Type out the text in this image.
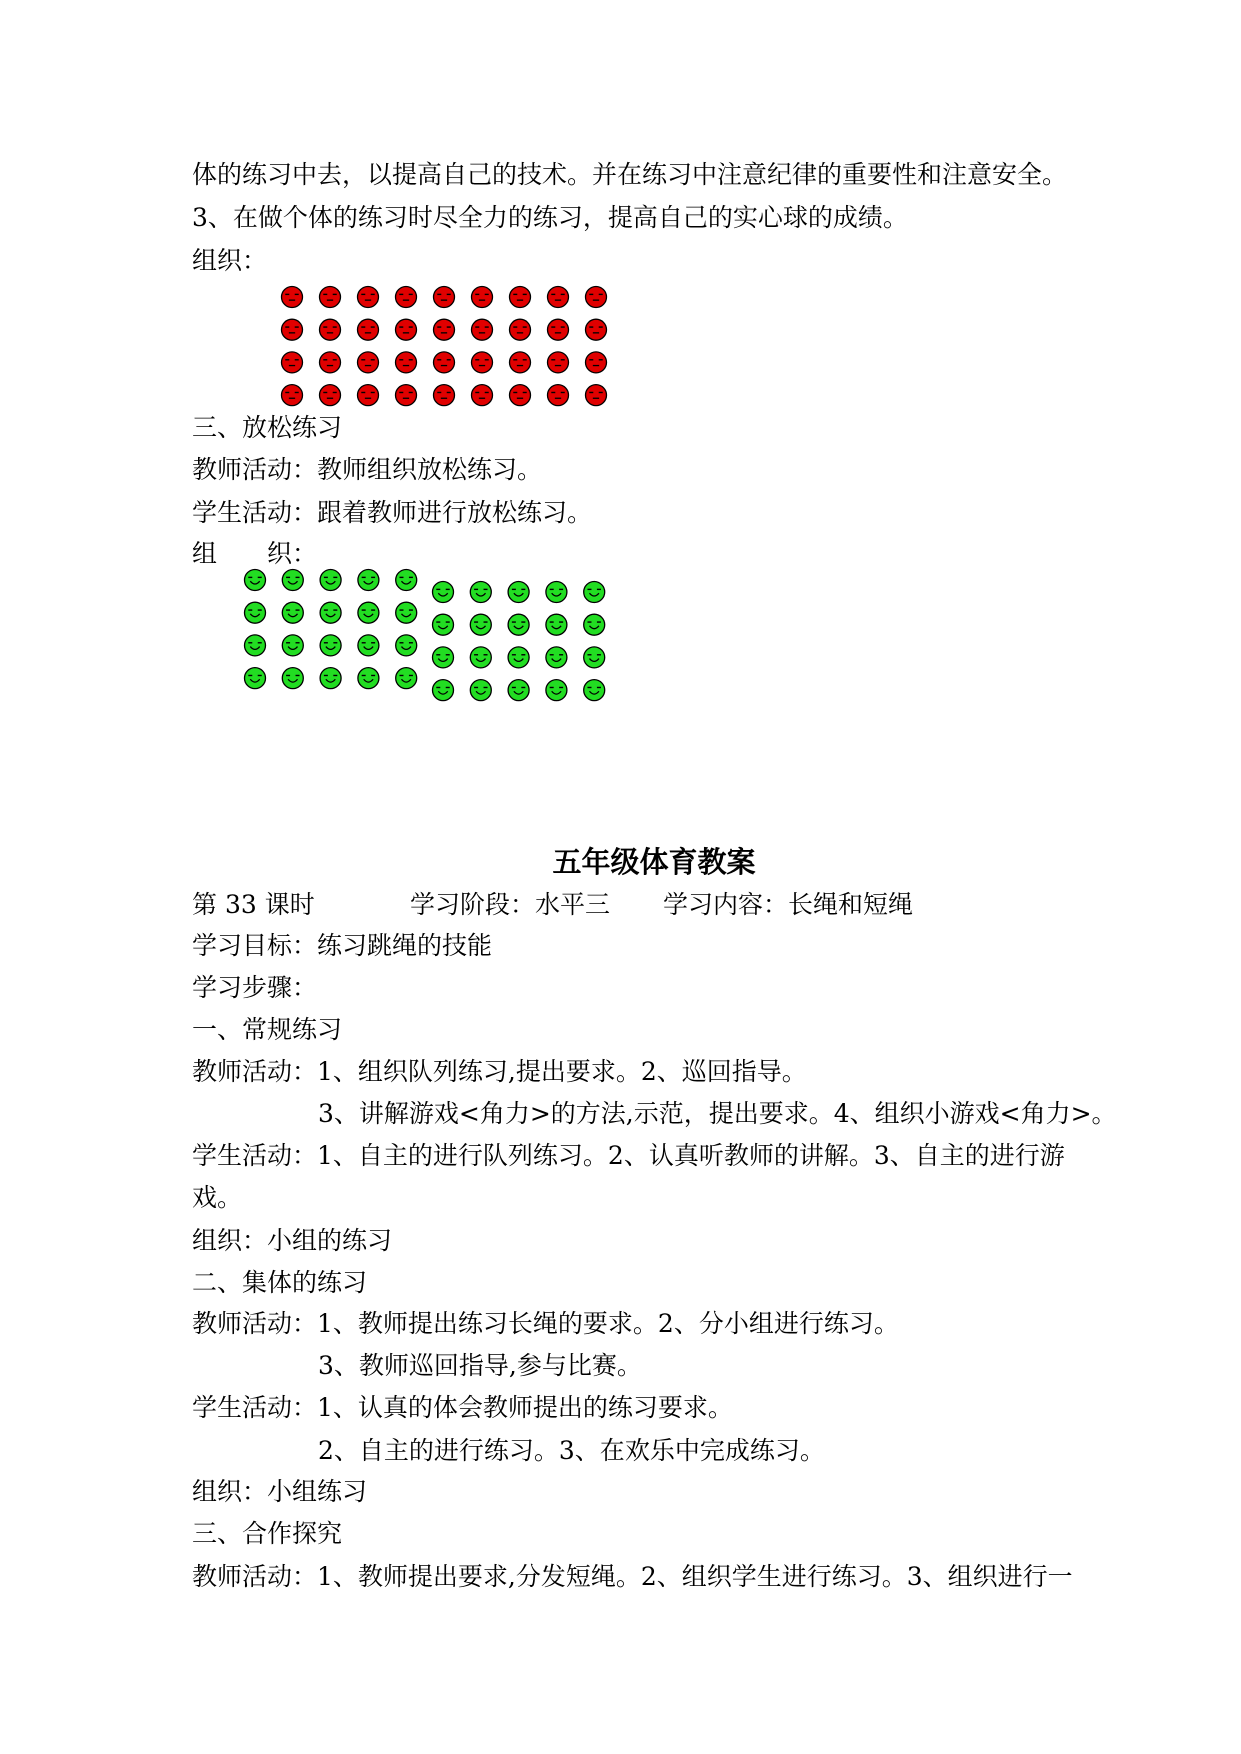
体的练习中去，以提高自己的技术。并在练习中注意纪律的重要性和注意安全。
3、在做个体的练习时尽全力的练习，提高自己的实心球的成绩。
组织：
三、放松练习
教师活动：教师组织放松练习。
学生活动：跟着教师进行放松练习。
组　　织：
五年级体育教案
第 33 课时	学习阶段：水平三 学习内容：长绳和短绳
学习目标：练习跳绳的技能
学习步骤：
一、常规练习
教师活动：1、组织队列练习,提出要求。2、巡回指导。
3、讲解游戏<角力>的方法,示范，提出要求。4、组织小游戏<角力>。
学生活动：1、自主的进行队列练习。2、认真听教师的讲解。3、自主的进行游
戏。
组织：小组的练习
二、集体的练习
教师活动：1、教师提出练习长绳的要求。2、分小组进行练习。
3、教师巡回指导,参与比赛。
学生活动：1、认真的体会教师提出的练习要求。
2、自主的进行练习。3、在欢乐中完成练习。
组织：小组练习
三、合作探究
教师活动：1、教师提出要求,分发短绳。2、组织学生进行练习。3、组织进行一
